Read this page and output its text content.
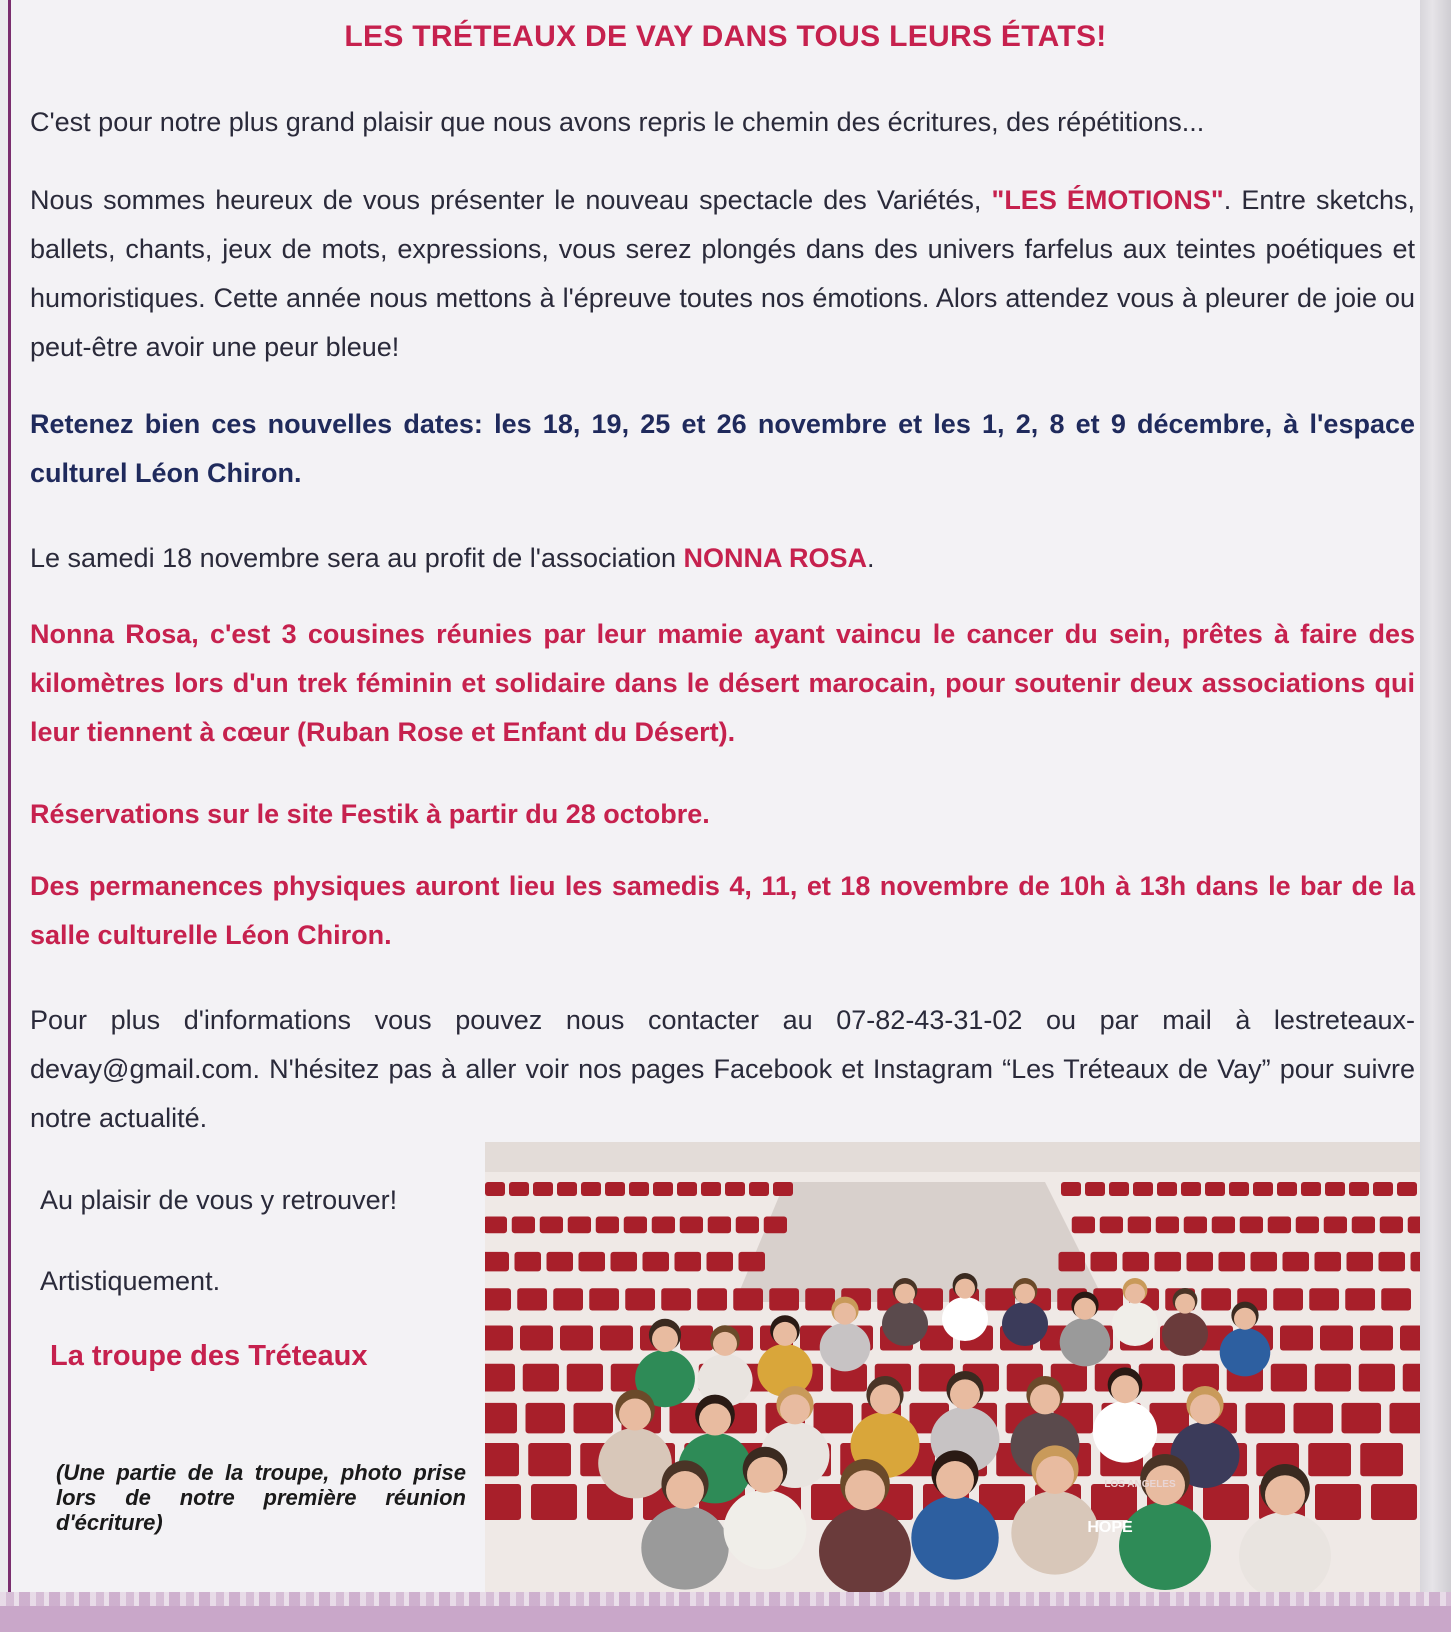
LES TRÉTEAUX DE VAY DANS TOUS LEURS ÉTATS!

C'est pour notre plus grand plaisir que nous avons repris le chemin des écritures, des répétitions...

Nous sommes heureux de vous présenter le nouveau spectacle des Variétés, "LES ÉMOTIONS". Entre sketchs, ballets, chants, jeux de mots, expressions, vous serez plongés dans des univers farfelus aux teintes poétiques et humoristiques. Cette année nous mettons à l'épreuve toutes nos émotions. Alors attendez vous à pleurer de joie ou peut-être avoir une peur bleue!

Retenez bien ces nouvelles dates: les 18, 19, 25 et 26 novembre et les 1, 2, 8 et 9 décembre, à l'espace culturel Léon Chiron.

Le samedi 18 novembre sera au profit de l'association NONNA ROSA.

Nonna Rosa, c'est 3 cousines réunies par leur mamie ayant vaincu le cancer du sein, prêtes à faire des kilomètres lors d'un trek féminin et solidaire dans le désert marocain, pour soutenir deux associations qui leur tiennent à cœur (Ruban Rose et Enfant du Désert).

Réservations sur le site Festik à partir du 28 octobre.

Des permanences physiques auront lieu les samedis 4, 11, et 18 novembre de 10h à 13h dans le bar de la salle culturelle Léon Chiron.

Pour plus d'informations vous pouvez nous contacter au 07-82-43-31-02 ou par mail à lestreteaux-devay@gmail.com. N'hésitez pas à aller voir nos pages Facebook et Instagram “Les Tréteaux de Vay” pour suivre notre actualité.

Au plaisir de vous y retrouver!
Artistiquement.
La troupe des Tréteaux

(Une partie de la troupe, photo prise lors de notre première réunion d'écriture)	HOPE
LOS ANGELES
